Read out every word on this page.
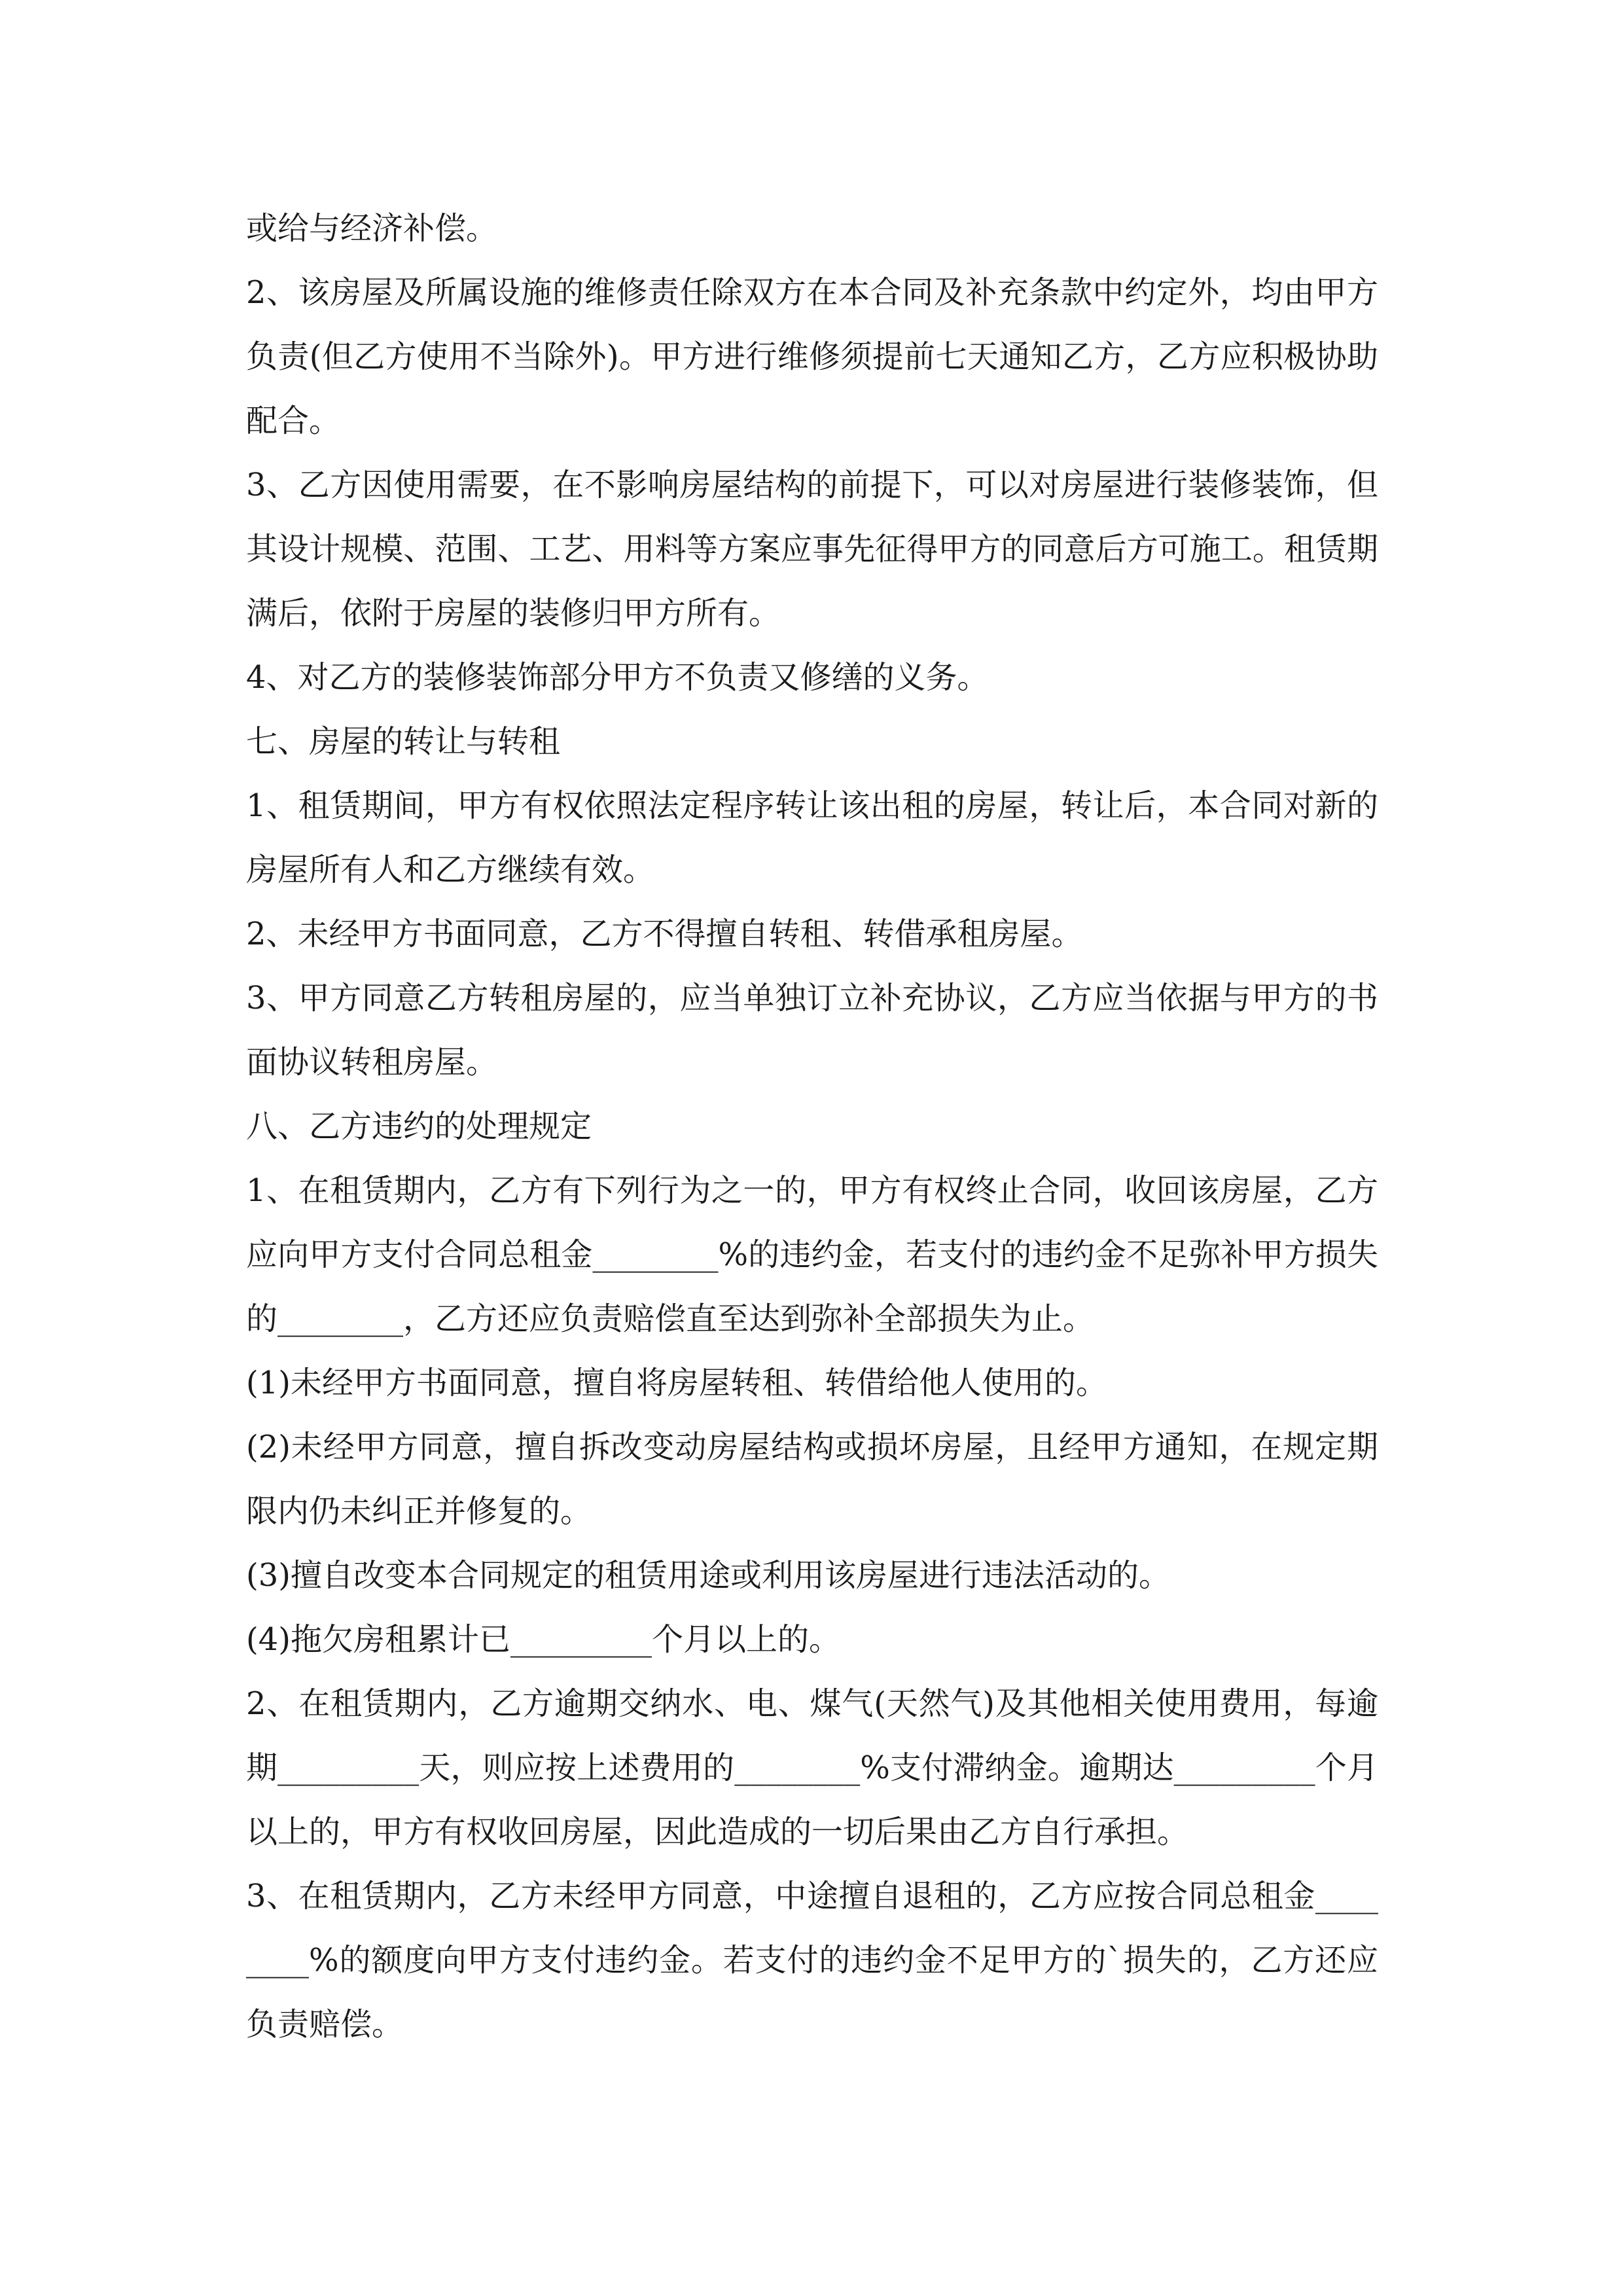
或给与经济补偿。

2、该房屋及所属设施的维修责任除双方在本合同及补充条款中约定外，均由甲方负责(但乙方使用不当除外)。甲方进行维修须提前七天通知乙方，乙方应积极协助配合。

3、乙方因使用需要，在不影响房屋结构的前提下，可以对房屋进行装修装饰，但其设计规模、范围、工艺、用料等方案应事先征得甲方的同意后方可施工。租赁期满后，依附于房屋的装修归甲方所有。

4、对乙方的装修装饰部分甲方不负责又修缮的义务。

七、房屋的转让与转租

1、租赁期间，甲方有权依照法定程序转让该出租的房屋，转让后，本合同对新的房屋所有人和乙方继续有效。

2、未经甲方书面同意，乙方不得擅自转租、转借承租房屋。

3、甲方同意乙方转租房屋的，应当单独订立补充协议，乙方应当依据与甲方的书面协议转租房屋。

八、乙方违约的处理规定

1、在租赁期内，乙方有下列行为之一的，甲方有权终止合同，收回该房屋，乙方应向甲方支付合同总租金________%的违约金，若支付的违约金不足弥补甲方损失的________，乙方还应负责赔偿直至达到弥补全部损失为止。

(1)未经甲方书面同意，擅自将房屋转租、转借给他人使用的。

(2)未经甲方同意，擅自拆改变动房屋结构或损坏房屋，且经甲方通知，在规定期限内仍未纠正并修复的。

(3)擅自改变本合同规定的租赁用途或利用该房屋进行违法活动的。

(4)拖欠房租累计已_________个月以上的。

2、在租赁期内，乙方逾期交纳水、电、煤气(天然气)及其他相关使用费用，每逾期_________天，则应按上述费用的________%支付滞纳金。逾期达_________个月以上的，甲方有权收回房屋，因此造成的一切后果由乙方自行承担。

3、在租赁期内，乙方未经甲方同意，中途擅自退租的，乙方应按合同总租金________%的额度向甲方支付违约金。若支付的违约金不足甲方的`损失的，乙方还应负责赔偿。
